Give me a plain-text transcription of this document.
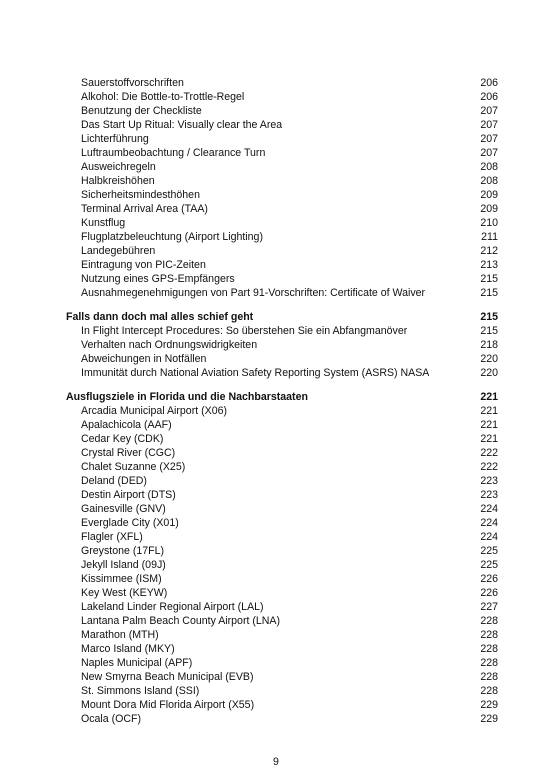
Sauerstoffvorschriften	206
Alkohol: Die Bottle-to-Trottle-Regel	206
Benutzung der Checkliste	207
Das Start Up Ritual: Visually clear the Area	207
Lichterführung	207
Luftraumbeobachtung / Clearance Turn	207
Ausweichregeln	208
Halbkreishöhen	208
Sicherheitsmindesthöhen	209
Terminal Arrival Area (TAA)	209
Kunstflug	210
Flugplatzbeleuchtung (Airport Lighting)	211
Landegebühren	212
Eintragung von PIC-Zeiten	213
Nutzung eines GPS-Empfängers	215
Ausnahmegenehmigungen von Part 91-Vorschriften: Certificate of Waiver	215
Falls dann doch mal alles schief geht	215
In Flight Intercept Procedures: So überstehen Sie ein Abfangmanöver	215
Verhalten nach Ordnungswidrigkeiten	218
Abweichungen in Notfällen	220
Immunität durch National Aviation Safety Reporting System (ASRS) NASA	220
Ausflugsziele in Florida und die Nachbarstaaten	221
Arcadia Municipal Airport (X06)	221
Apalachicola (AAF)	221
Cedar Key (CDK)	221
Crystal River (CGC)	222
Chalet Suzanne (X25)	222
Deland (DED)	223
Destin Airport (DTS)	223
Gainesville (GNV)	224
Everglade City (X01)	224
Flagler (XFL)	224
Greystone (17FL)	225
Jekyll Island (09J)	225
Kissimmee (ISM)	226
Key West (KEYW)	226
Lakeland Linder Regional Airport (LAL)	227
Lantana Palm Beach County Airport (LNA)	228
Marathon (MTH)	228
Marco Island (MKY)	228
Naples Municipal (APF)	228
New Smyrna Beach Municipal (EVB)	228
St. Simmons Island (SSI)	228
Mount Dora Mid Florida Airport (X55)	229
Ocala (OCF)	229
9
